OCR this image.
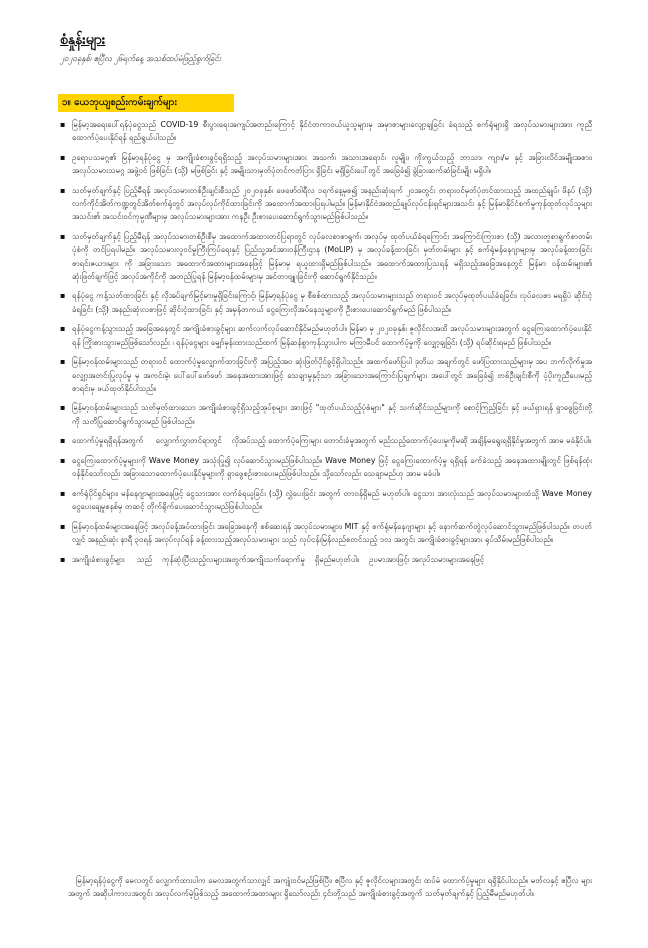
စံနှုန်းများ
၂၀၂၀ခုနှစ်၊ ဧပြီလ ၂၆ရက်နေ့ အသစ်ထပ်မံဖြည့်စွက်ခြင်း
၁။ ယေဘုယျစည်းကမ်းချက်များ
▪ မြန်မာ့အရေးပေါ်ရန်ပုံငွေသည် COVID-19 စီးပွားရေးအကျပ်အတည်းကြောင့် နိုင်ငံတကာဝယ်ယူသူများမှ အမှာစာများလျော့ချခြင်း ခံရသည့် စက်ရုံများရှိ အလုပ်သမားများအား ကူညီထောက်ပံ့ပေးနိုင်ရန် ရည်ရွယ်ပါသည်။
▪ ဥရောပသမဂ္ဂ၏ မြန်မာ့ရန်ပုံငွေ မှ အကျိုးခံစားခွင့်ရရှိသည့် အလုပ်သမားများအား အသက်၊ အသားအရောင်၊ လူမျိုး၊ ကိုးကွယ်သည့် ဘာသာ၊ ကျား/မ နှင့် အခြားလိင်အမျိုးအစား၊ အလုပ်သမားသမဂ္ဂ အဖွဲ့ဝင် ဖြစ်ခြင်း (သို့) မဖြစ်ခြင်း နှင့် အမျိုးသားမှတ်ပုံတင်ကတ်ပြား ရှိခြင်း မရှိခြင်းပေါ်တွင် အခြေခံ၍ ခွဲခြားဆက်ဆံခြင်းမျိုး မရှိပါ။
▪ သတ်မှတ်ချက်နှင့် ပြည့်မီရန် အလုပ်သမားတစ်ဦးချင်းစီသည် ၂၀၂၀ခုနှစ်၊ ဖေဖော်ဝါရီလ ၁ရက်နေ့မှစ၍ အနည်းဆုံးရက် ၂၀အတွင်း တရားဝင်မှတ်ပုံတင်ထားသည့် အထည်ချုပ်၊ ဖိနပ် (သို့) လက်ကိုင်အိတ်ကဏ္ဍတွင်အိတ်စက်ရုံတွင် အလုပ်လုပ်ကိုင်ထားခြင်းကို အထောက်အထားပြရပါမည်။ မြန်မာနိုင်ငံအထည်ချုပ်လုပ်ငန်းရှင်များအသင်း နှင့် မြန်မာနိုင်ငံစက်မှုကုန်ထုတ်လုပ်သူများအသင်း၏ အသင်းဝင်ကုမ္ပဏီများမှ အလုပ်သမားများအား ကနဦး ဦးစားပေးဆောင်ရွက်သွားမည်ဖြစ်ပါသည်။
▪ သတ်မှတ်ချက်နှင့် ပြည့်မီရန် အလုပ်သမားတစ်ဦးစီမှ အထောက်အထားတင်ပြရာတွင် လုပ်ခလစာစာရွက်၊ အလုပ်မှ ထုတ်ပယ်ခံရကြောင်း အကြောင်းကြားစာ (သို့) အလားတူစာရွက်စာတမ်း ပုံစံကို တင်ပြရပါမည်။ အလုပ်သမားလူဝင်မှုကြီးကြပ်ရေးနှင့် ပြည်သူ့အင်အားဝန်ကြီးဌာန (MoLIP) မှ အလုပ်ခန့်ထားခြင်း မှတ်တမ်းများ နှင့် စက်ရုံမန်နေဂျာများမှ အလုပ်ခန့်ထားခြင်း စာရင်းဇယားများ ကို အခြားသော အထောက်အထားများအနေဖြင့် မြန်မာမှ ရယူထားရှိမည်ဖြစ်ပါသည်။ အထောက်အထားပြသရန် မရှိသည့်အခြေအနေတွင် မြန်မာ ဝန်ထမ်းများ၏ ဆုံးဖြတ်ချက်ဖြင့် အလုပ်အကိုင်ကို အတည်ပြုရန် မြန်မာ့ဝန်ထမ်းများမှ အင်တာဗျူးခြင်းကို ဆောင်ရွက်နိုင်သည်။
▪ ရန်ပုံငွေ ကန့်သတ်ထားခြင်း နှင့် လိုအပ်ချက်မြင့်မားမှုရှိခြင်းကြောင့်၊ မြန်မာ့ရန်ပုံငွေ မှ စီစစ်ထားသည့် အလုပ်သမားများသည် တရားဝင် အလုပ်မှထုတ်ပယ်ခံရခြင်း၊ လုပ်ခလစာ မရရှိပဲ ဆိုင်းငံ့ခံရခြင်း (သို့) အနည်းဆုံးလစာဖြင့် ဆိုင်းငံ့ထားခြင်း နှင့် အမှန်တကယ် ငွေကြေးလိုအပ်နေသူများကို ဦးစားပေးဆောင်ရွက်မည် ဖြစ်ပါသည်။
▪ ရန်ပုံငွေကန့်သွားသည့် အခြေအနေတွင် အကျိုးခံစားခွင့်များ ဆက်လက်လုပ်ဆောင်နိုင်မည်မဟုတ်ပါ။ မြန်မာ မှ ၂၀၂၀ခုနှစ်၊ ဇူလိုင်လအထိ အလုပ်သမားများအတွက် ငွေကြေးထောက်ပံ့ပေးနိုင်ရန် ကြိုးစားသွားမည်ဖြစ်သော်လည်း ၊ ရန်ပုံငွေများ မျှော်မှန်းထားသည်ထက် မြန်ဆန်စွာကုန်သွားပါက မကြာမီပင် ထောက်ပံ့မှုကို လျှော့ချခြင်း (သို့) ရပ်ဆိုင်းရမည် ဖြစ်ပါသည်။
▪ မြန်မာ့ဝန်ထမ်းများသည် တရားဝင် ထောက်ပံ့မှုလျှောက်ထားခြင်းကို အပြည့်အဝ ဆုံးဖြတ်ပိုင်ခွင့်ရှိပါသည်။ အထက်ဖော်ပြပါ ဒုတိယ အချက်တွင် ဖော်ပြထားသည်များမှ အပ ဘက်လိုက်မှုအလျှော့အတင်းပြုလုပ်မှု မှ အကင်းမဲ့၊ ပေါ်ပေါ်ဖော်ဖော် အနေအထားအားဖြင့် သေချာမှုနှင့်သာ အခြားသောအကြောင်းပြချက်များ အပေါ်တွင် အခြေခံ၍ တစ်ဦးချင်းစီကို ပံ့ပိုးကူညီပေးမည့်စာရင်းမှ ဖယ်ထုတ်နိုင်ပါသည်။
▪ မြန်မာ့ဝန်ထမ်းများသည် သတ်မှတ်ထားသော အကျိုးခံစားခွင့်ရှိသည့်အုပ်စုများ အားဖြင့် "ထုတ်ပယ်သည့်ပုံစံများ" နှင့် သက်ဆိုင်သည်များကို စောင့်ကြည့်ခြင်း နှင့် ဖယ်ရှားရန် ရှာဖွေခြင်းတို့ကို သတိပြုဆောင်ရွက်သွားမည် ဖြစ်ပါသည်။
▪ ထောက်ပံ့မှုရရှိရန်အတွက် ​​ ​​ ​​ ​​ လျှောက်လွှာတင်ရာတွင် ​​ ​​ ​​ လိုအပ်သည့် ထောက်ပံ့ကြေးများ တောင်းခံမှုအတွက် မည်သည့်ထောက်ပံ့ပေးမှုကိုမဆို အချိန်မရွေးရရှိနိုင်မှုအတွက် အာမ မခံနိုင်ပါ။
▪ ငွေကြေးထောက်ပံ့မှုများကို Wave Money အသုံးပြု၍ လုပ်ဆောင်သွားမည်ဖြစ်ပါသည်။ Wave Money ဖြင့် ငွေကြေးထောက်ပံ့မှု ရရှိရန် ခက်ခဲသည့် အနေအထားမျိုးတွင် ဖြစ်ရန်ထုံးဝန်နိုင်သော်လည်း အခြားသောထောက်ပံ့ပေးနိုင်မှုများကို ရှာဖွေစဉ်းစားပေးမည်ဖြစ်ပါသည်။ သို့သော်လည်း သေချာမည်ဟု အာမ မခံပါ။
▪ စက်ရုံပိုင်ရှင်များ၊ မန်နေဂျာများအနေဖြင့် ငွေသားအား လက်ခံရယူခြင်း (သို့) လွှဲပေးခြင်း အတွက် တာဝန်ရှိမည် မဟုတ်ပါ။ ငွေသား အားလုံးသည် အလုပ်သမားများထံသို့ Wave Money ငွေပေးချေမှုစနစ်မှ တဆင့် တိုက်ရိုက်ပေးဆောင်သွားမည်ဖြစ်ပါသည်။
▪ မြန်မာ့ဝန်ထမ်းများအနေဖြင့် အလုပ်ခန့်အပ်ထားခြင်း အခြေအနေကို စစ်ဆေးရန် အလုပ်သမားများ၊ MIT နှင့် စက်ရုံမန်နေဂျာများ နှင့် နောက်ဆက်တွဲလုပ်ဆောင်သွားမည်ဖြစ်ပါသည်။ တပတ်လျှင် အနည်းဆုံး နာရီ ၃၀ရန် အလုပ်လုပ်ရန် ခန့်ထားသည့်အလုပ်သမားများ သည် လုပ်ငန်းမြန်လည်စတင်သည့် ၁လ အတွင်း အကျိုးခံစားခွင့်များအား ရုပ်သိမ်းမည်ဖြစ်ပါသည်။
▪ အကျိုးခံစားခွင့်များ ​​ ​​ ​​ ​​ သည် ​​ ​​ ​​ ကုန်ဆုံးပြီးသည့်လများအတွက်အကျိုးသက်ရောက်မှု ​​ ​​ ​​ ရှိမည်မဟုတ်ပါ။ ​​ ​​ ​​ ဥပမာအားဖြင့်၊ အလုပ်သမားများအနေဖြင့်

မြန်မာ့ရန်ပုံငွေကို မေလတွင် လျှောက်ထားပါက မေလအတွက်သာလျှင် အကျုံးဝင်မည်ဖြစ်ပြီး၊ ဧပြီလ နှင့် ဇူလိုင်လများအတွင်း ထပ်မံ ထောက်ပံ့မှုများ ရရှိနိုင်ပါသည်။ မတ်လနှင့် ဧပြီလ များအတွက် အဆိုပါကာလအတွင်း အလုပ်လက်မဲ့ဖြစ်သည့် အထောက်အထားများ ရှိသော်လည်း ၄င်းတို့သည် အကျိုးခံစားခွင့်အတွက် သတ်မှတ်ချက်နှင့် ပြည့်မီမည်မဟုတ်ပါ။
